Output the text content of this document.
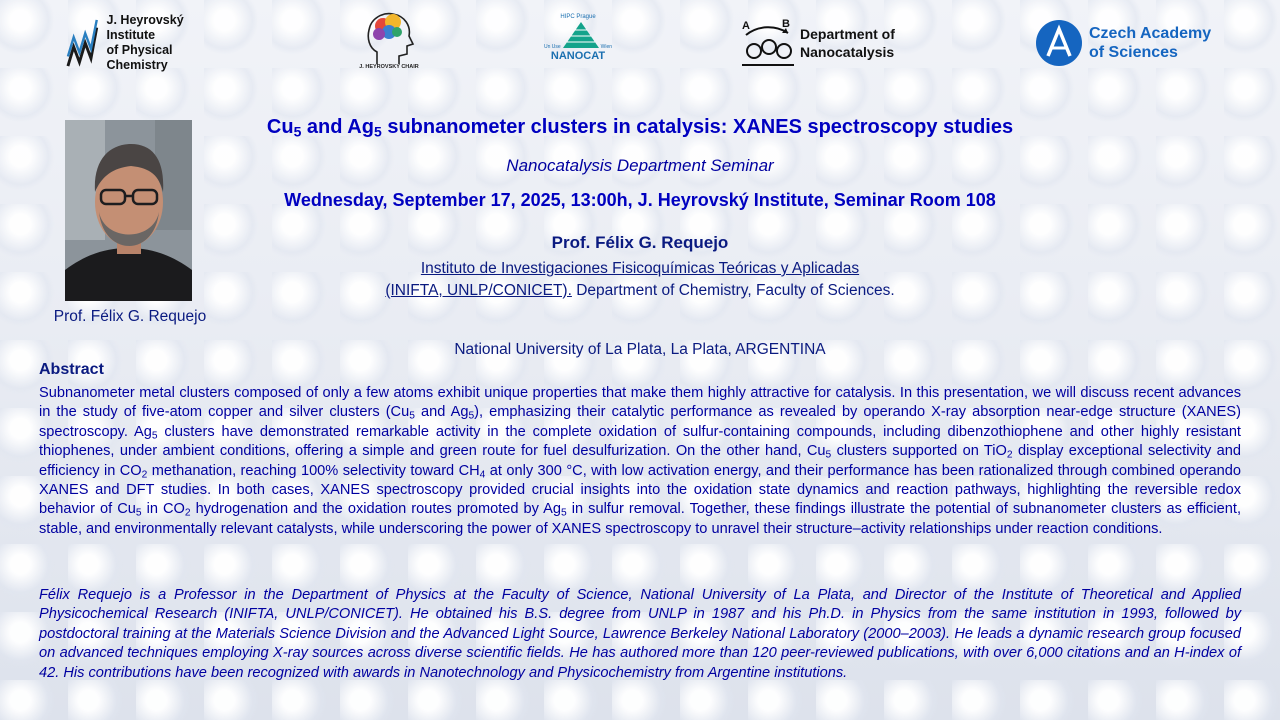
J. Heyrovský Institute
of Physical Chemistry	J. HEYROVSKY CHAIR
HIPC Prague
Un Use	Wien
NANOCAT
A	B
Department of
Nanocatalysis
Czech Academy
of Sciences
Prof. Félix G. Requejo
$Cu_5$ and $Ag_5$ subnanometer clusters in catalysis: XANES spectroscopy studies
Nanocatalysis Department Seminar
Wednesday, September 17, 2025, 13:00h, J. Heyrovský Institute, Seminar Room 108
Prof. Félix G. Requejo
Instituto de Investigaciones Fisicoquímicas Teóricas y Aplicadas
(INIFTA, UNLP/CONICET). Department of Chemistry, Faculty of Sciences.
National University of La Plata, La Plata, ARGENTINA
Abstract
Subnanometer metal clusters composed of only a few atoms exhibit unique properties that make them highly attractive for catalysis. In this presentation, we will discuss recent advances in the study of five-atom copper and silver clusters ($Cu_5$ and $Ag_5$), emphasizing their catalytic performance as revealed by operando X-ray absorption near-edge structure (XANES) spectroscopy. $Ag_5$ clusters have demonstrated remarkable activity in the complete oxidation of sulfur-containing compounds, including dibenzothiophene and other highly resistant thiophenes, under ambient conditions, offering a simple and green route for fuel desulfurization. On the other hand, $Cu_5$ clusters supported on TiO$_2$ display exceptional selectivity and efficiency in $CO_2$ methanation, reaching 100% selectivity toward $CH_4$ at only 300 °C, with low activation energy, and their performance has been rationalized through combined operando XANES and DFT studies. In both cases, XANES spectroscopy provided crucial insights into the oxidation state dynamics and reaction pathways, highlighting the reversible redox behavior of $Cu_5$ in $CO_2$ hydrogenation and the oxidation routes promoted by $Ag_5$ in sulfur removal. Together, these findings illustrate the potential of subnanometer clusters as efficient, stable, and environmentally relevant catalysts, while underscoring the power of XANES spectroscopy to unravel their structure–activity relationships under reaction conditions.
Félix Requejo is a Professor in the Department of Physics at the Faculty of Science, National University of La Plata, and Director of the Institute of Theoretical and Applied Physicochemical Research (INIFTA, UNLP/CONICET). He obtained his B.S. degree from UNLP in 1987 and his Ph.D. in Physics from the same institution in 1993, followed by postdoctoral training at the Materials Science Division and the Advanced Light Source, Lawrence Berkeley National Laboratory (2000–2003). He leads a dynamic research group focused on advanced techniques employing X-ray sources across diverse scientific fields. He has authored more than 120 peer-reviewed publications, with over 6,000 citations and an H-index of 42. His contributions have been recognized with awards in Nanotechnology and Physicochemistry from Argentine institutions.
